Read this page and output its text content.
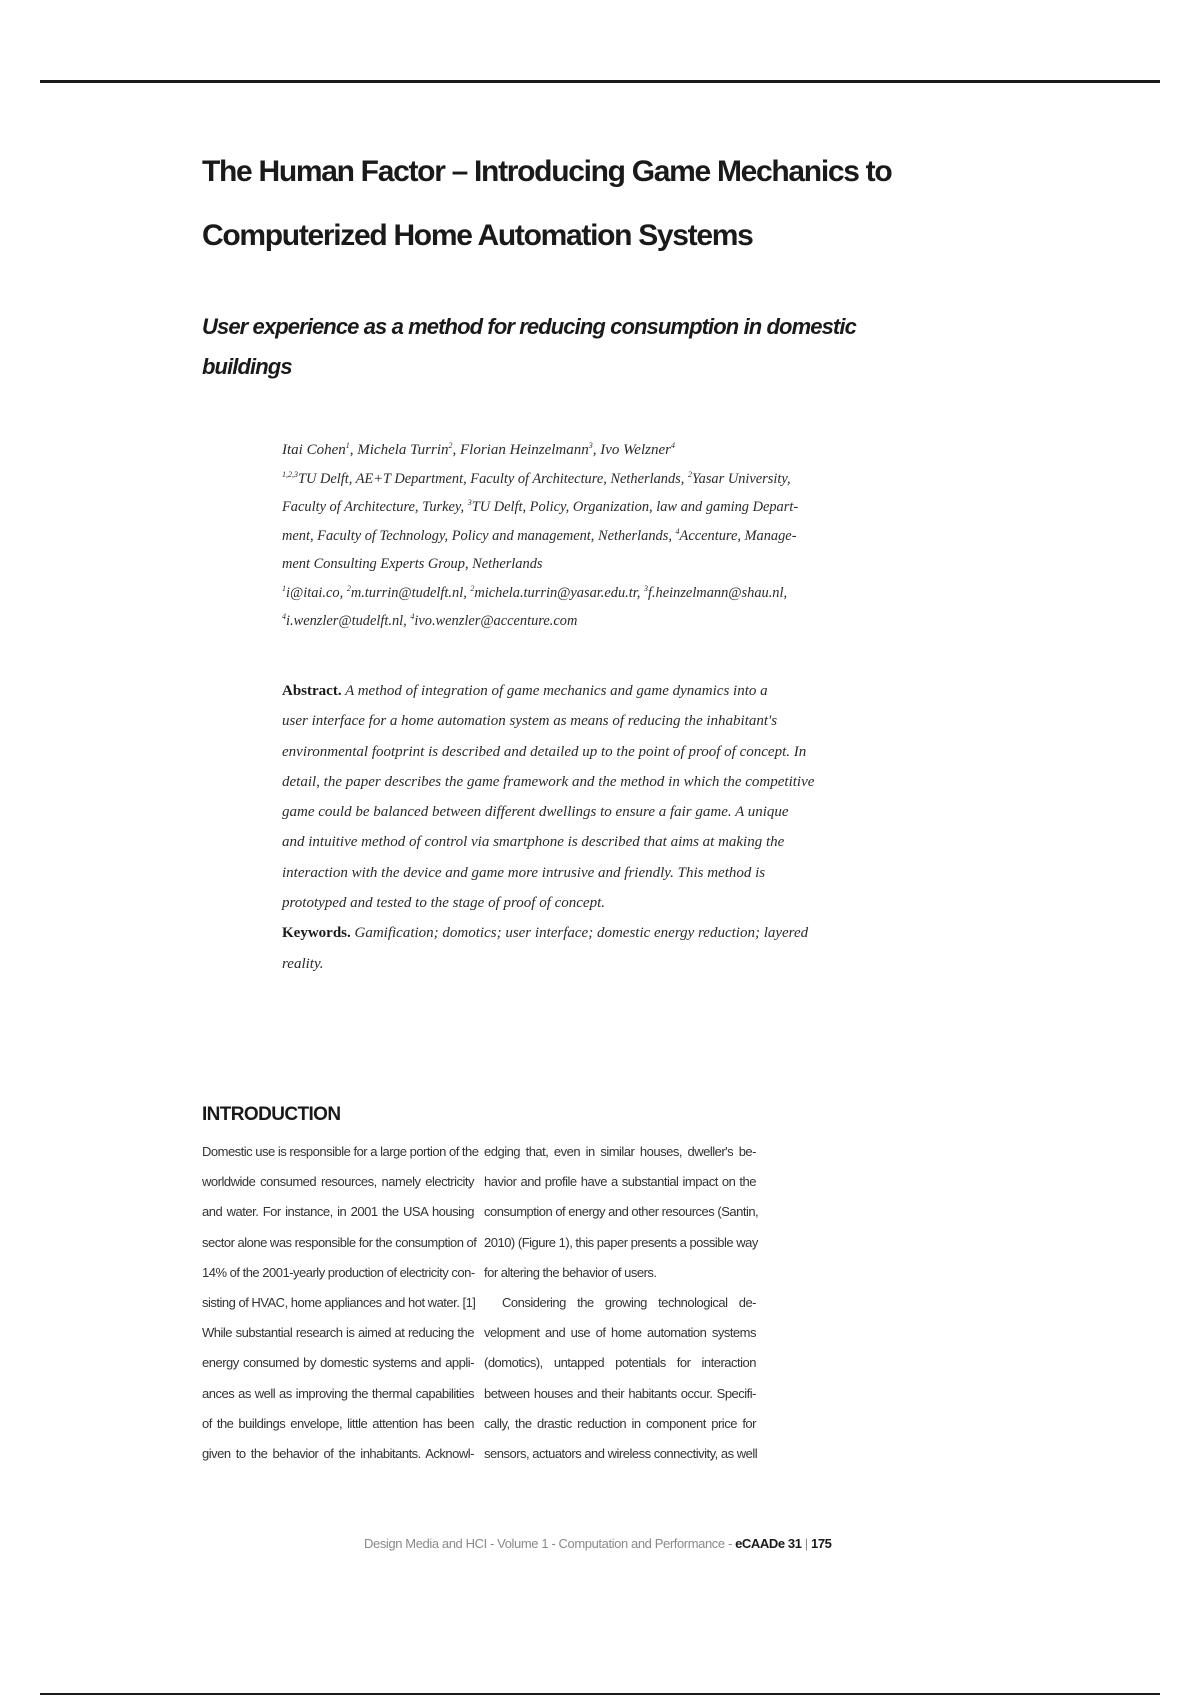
The Human Factor – Introducing Game Mechanics to
Computerized Home Automation Systems
User experience as a method for reducing consumption in domestic
buildings
Itai Cohen$^1$, Michela Turrin$^2$, Florian Heinzelmann$^3$, Ivo Welzner$^4$
$^{1,2,3}$TU Delft, AE+T Department, Faculty of Architecture, Netherlands, $^2$Yasar University,
Faculty of Architecture, Turkey, $^3$TU Delft, Policy, Organization, law and gaming Depart-
ment, Faculty of Technology, Policy and management, Netherlands, $^4$Accenture, Manage-
ment Consulting Experts Group, Netherlands
$^1$i@itai.co, $^2$m.turrin@tudelft.nl, $^2$michela.turrin@yasar.edu.tr, $^3$f.heinzelmann@shau.nl,
$^4$i.wenzler@tudelft.nl, $^4$ivo.wenzler@accenture.com
Abstract. A method of integration of game mechanics and game dynamics into a
user interface for a home automation system as means of reducing the inhabitant's
environmental footprint is described and detailed up to the point of proof of concept. In
detail, the paper describes the game framework and the method in which the competitive
game could be balanced between different dwellings to ensure a fair game. A unique
and intuitive method of control via smartphone is described that aims at making the
interaction with the device and game more intrusive and friendly. This method is
prototyped and tested to the stage of proof of concept.
Keywords. Gamification; domotics; user interface; domestic energy reduction; layered
reality.
INTRODUCTION
Domestic use is responsible for a large portion of the
worldwide consumed resources, namely electricity
and water. For instance, in 2001 the USA housing
sector alone was responsible for the consumption of
14% of the 2001-yearly production of electricity con-
sisting of HVAC, home appliances and hot water. [1]
While substantial research is aimed at reducing the
energy consumed by domestic systems and appli-
ances as well as improving the thermal capabilities
of the buildings envelope, little attention has been
given to the behavior of the inhabitants. Acknowl-
edging that, even in similar houses, dweller's be-
havior and profile have a substantial impact on the
consumption of energy and other resources (Santin,
2010) (Figure 1), this paper presents a possible way
for altering the behavior of users.
Considering the growing technological de-
velopment and use of home automation systems
(domotics), untapped potentials for interaction
between houses and their habitants occur. Specifi-
cally, the drastic reduction in component price for
sensors, actuators and wireless connectivity, as well
Design Media and HCI - Volume 1 - Computation and Performance - eCAADe 31 | 175
